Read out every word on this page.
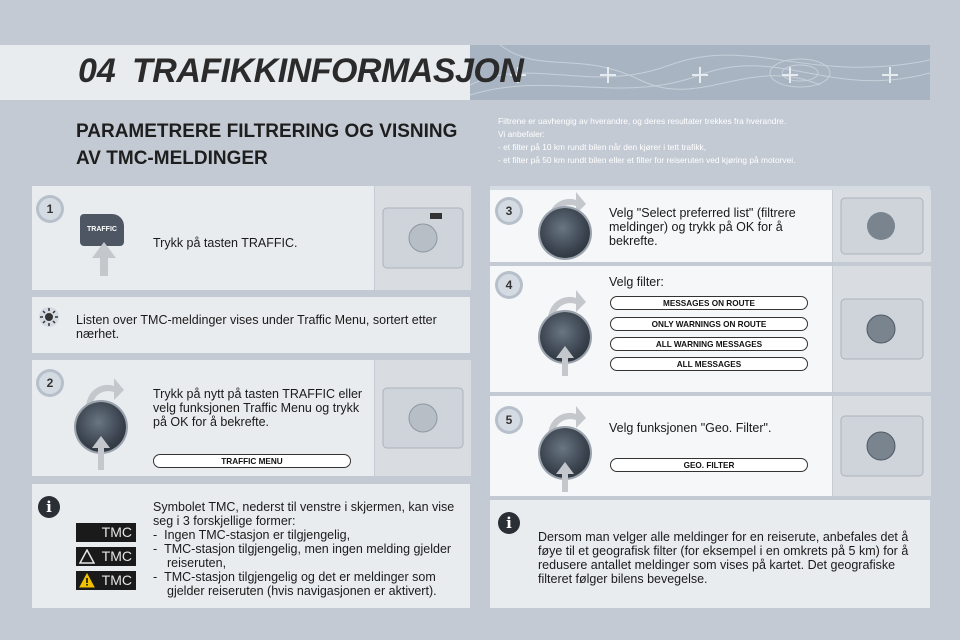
04 TRAFIKKINFORMASJON
PARAMETRERE FILTRERING OG VISNING AV TMC-MELDINGER
Filtrene er uavhengig av hverandre, og deres resultater trekkes fra hverandre.
Vi anbefaler:
- et filter på 10 km rundt bilen når den kjører i tett trafikk,
- et filter på 50 km rundt bilen eller et filter for reiseruten ved kjøring på motorvei.
1
TRAFFIC
Trykk på tasten TRAFFIC.
Listen over TMC-meldinger vises under Traffic Menu, sortert etter nærhet.
2
Trykk på nytt på tasten TRAFFIC eller velg funksjonen Traffic Menu og trykk på OK for å bekrefte.
TRAFFIC MENU
i
TMC
TMC
TMC
Symbolet TMC, nederst til venstre i skjermen, kan vise seg i 3 forskjellige former:
-  Ingen TMC-stasjon er tilgjengelig,
-  TMC-stasjon tilgjengelig, men ingen melding gjelder reiseruten,
-  TMC-stasjon tilgjengelig og det er meldinger som gjelder reiseruten (hvis navigasjonen er aktivert).
3	Velg "Select preferred list" (filtrere meldinger) og trykk på OK for å bekrefte.
4	Velg filter:
MESSAGES ON ROUTE
ONLY WARNINGS ON ROUTE
ALL WARNING MESSAGES
ALL MESSAGES
5
Velg funksjonen "Geo. Filter".
GEO. FILTER
i
Dersom man velger alle meldinger for en reiserute, anbefales det å føye til et geografisk filter (for eksempel i en omkrets på 5 km) for å redusere antallet meldinger som vises på kartet. Det geografiske filteret følger bilens bevegelse.
